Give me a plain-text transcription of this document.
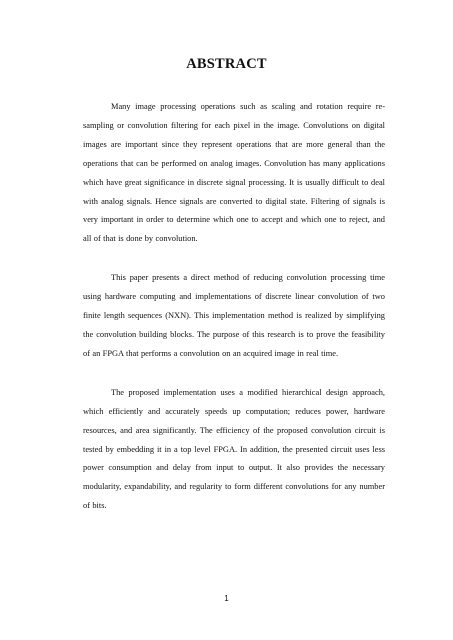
ABSTRACT

Many image processing operations such as scaling and rotation require re-sampling or convolution filtering for each pixel in the image. Convolutions on digital images are important since they represent operations that are more general than the operations that can be performed on analog images. Convolution has many applications which have great significance in discrete signal processing. It is usually difficult to deal with analog signals. Hence signals are converted to digital state. Filtering of signals is very important in order to determine which one to accept and which one to reject, and all of that is done by convolution.

This paper presents a direct method of reducing convolution processing time using hardware computing and implementations of discrete linear convolution of two finite length sequences (NXN). This implementation method is realized by simplifying the convolution building blocks. The purpose of this research is to prove the feasibility of an FPGA that performs a convolution on an acquired image in real time.

The proposed implementation uses a modified hierarchical design approach, which efficiently and accurately speeds up computation; reduces power, hardware resources, and area significantly. The efficiency of the proposed convolution circuit is tested by embedding it in a top level FPGA. In addition, the presented circuit uses less power consumption and delay from input to output. It also provides the necessary modularity, expandability, and regularity to form different convolutions for any number of bits.

1
